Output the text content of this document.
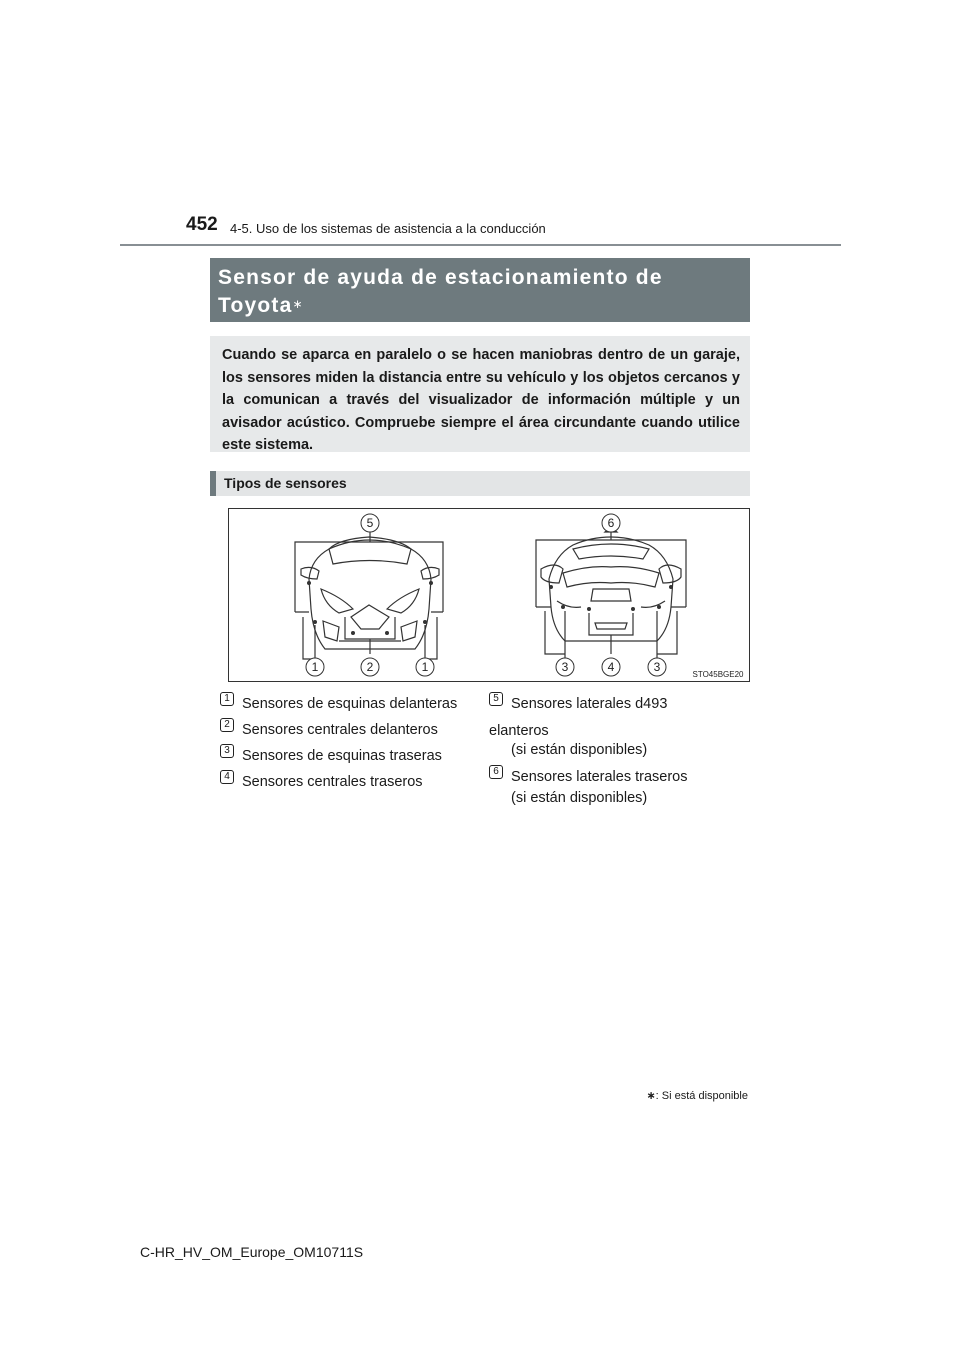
452 4-5. Uso de los sistemas de asistencia a la conducción
Sensor de ayuda de estacionamiento de
Toyota∗
Cuando se aparca en paralelo o se hacen maniobras dentro de un garaje, los sensores miden la distancia entre su vehículo y los objetos cercanos y la comunican a través del visualizador de información múltiple y un avisador acústico. Compruebe siempre el área circundante cuando utilice este sistema.
Tipos de sensores
5	6
1	2	1	3	4	3
STO45BGE20
1 Sensores de esquinas delanteras
2 Sensores centrales delanteros
3 Sensores de esquinas traseras
4 Sensores centrales traseros
5 Sensores laterales d493
elanteros
(si están disponibles)
6 Sensores laterales traseros
(si están disponibles)
∗: Si está disponible
C-HR_HV_OM_Europe_OM10711S
